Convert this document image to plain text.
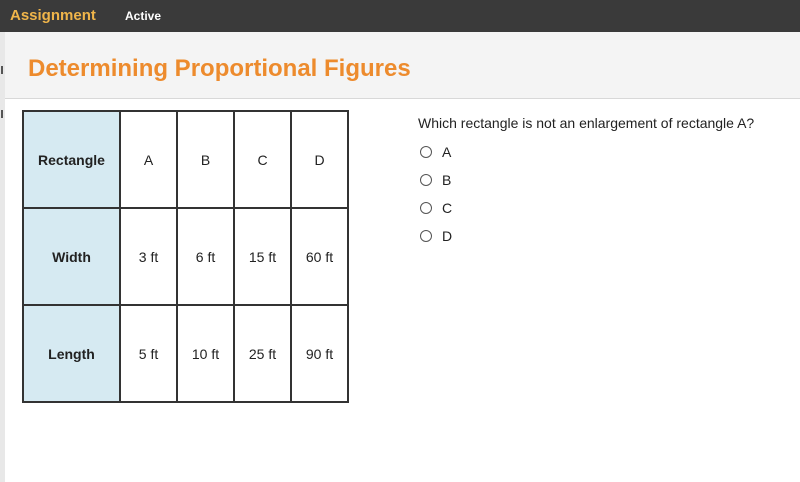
Assignment Active
Determining Proportional Figures
Rectangle	A	B	C	D
Width	3 ft	6 ft	15 ft	60 ft
Length	5 ft	10 ft	25 ft	90 ft
Which rectangle is not an enlargement of rectangle A?
A
B
C
D
